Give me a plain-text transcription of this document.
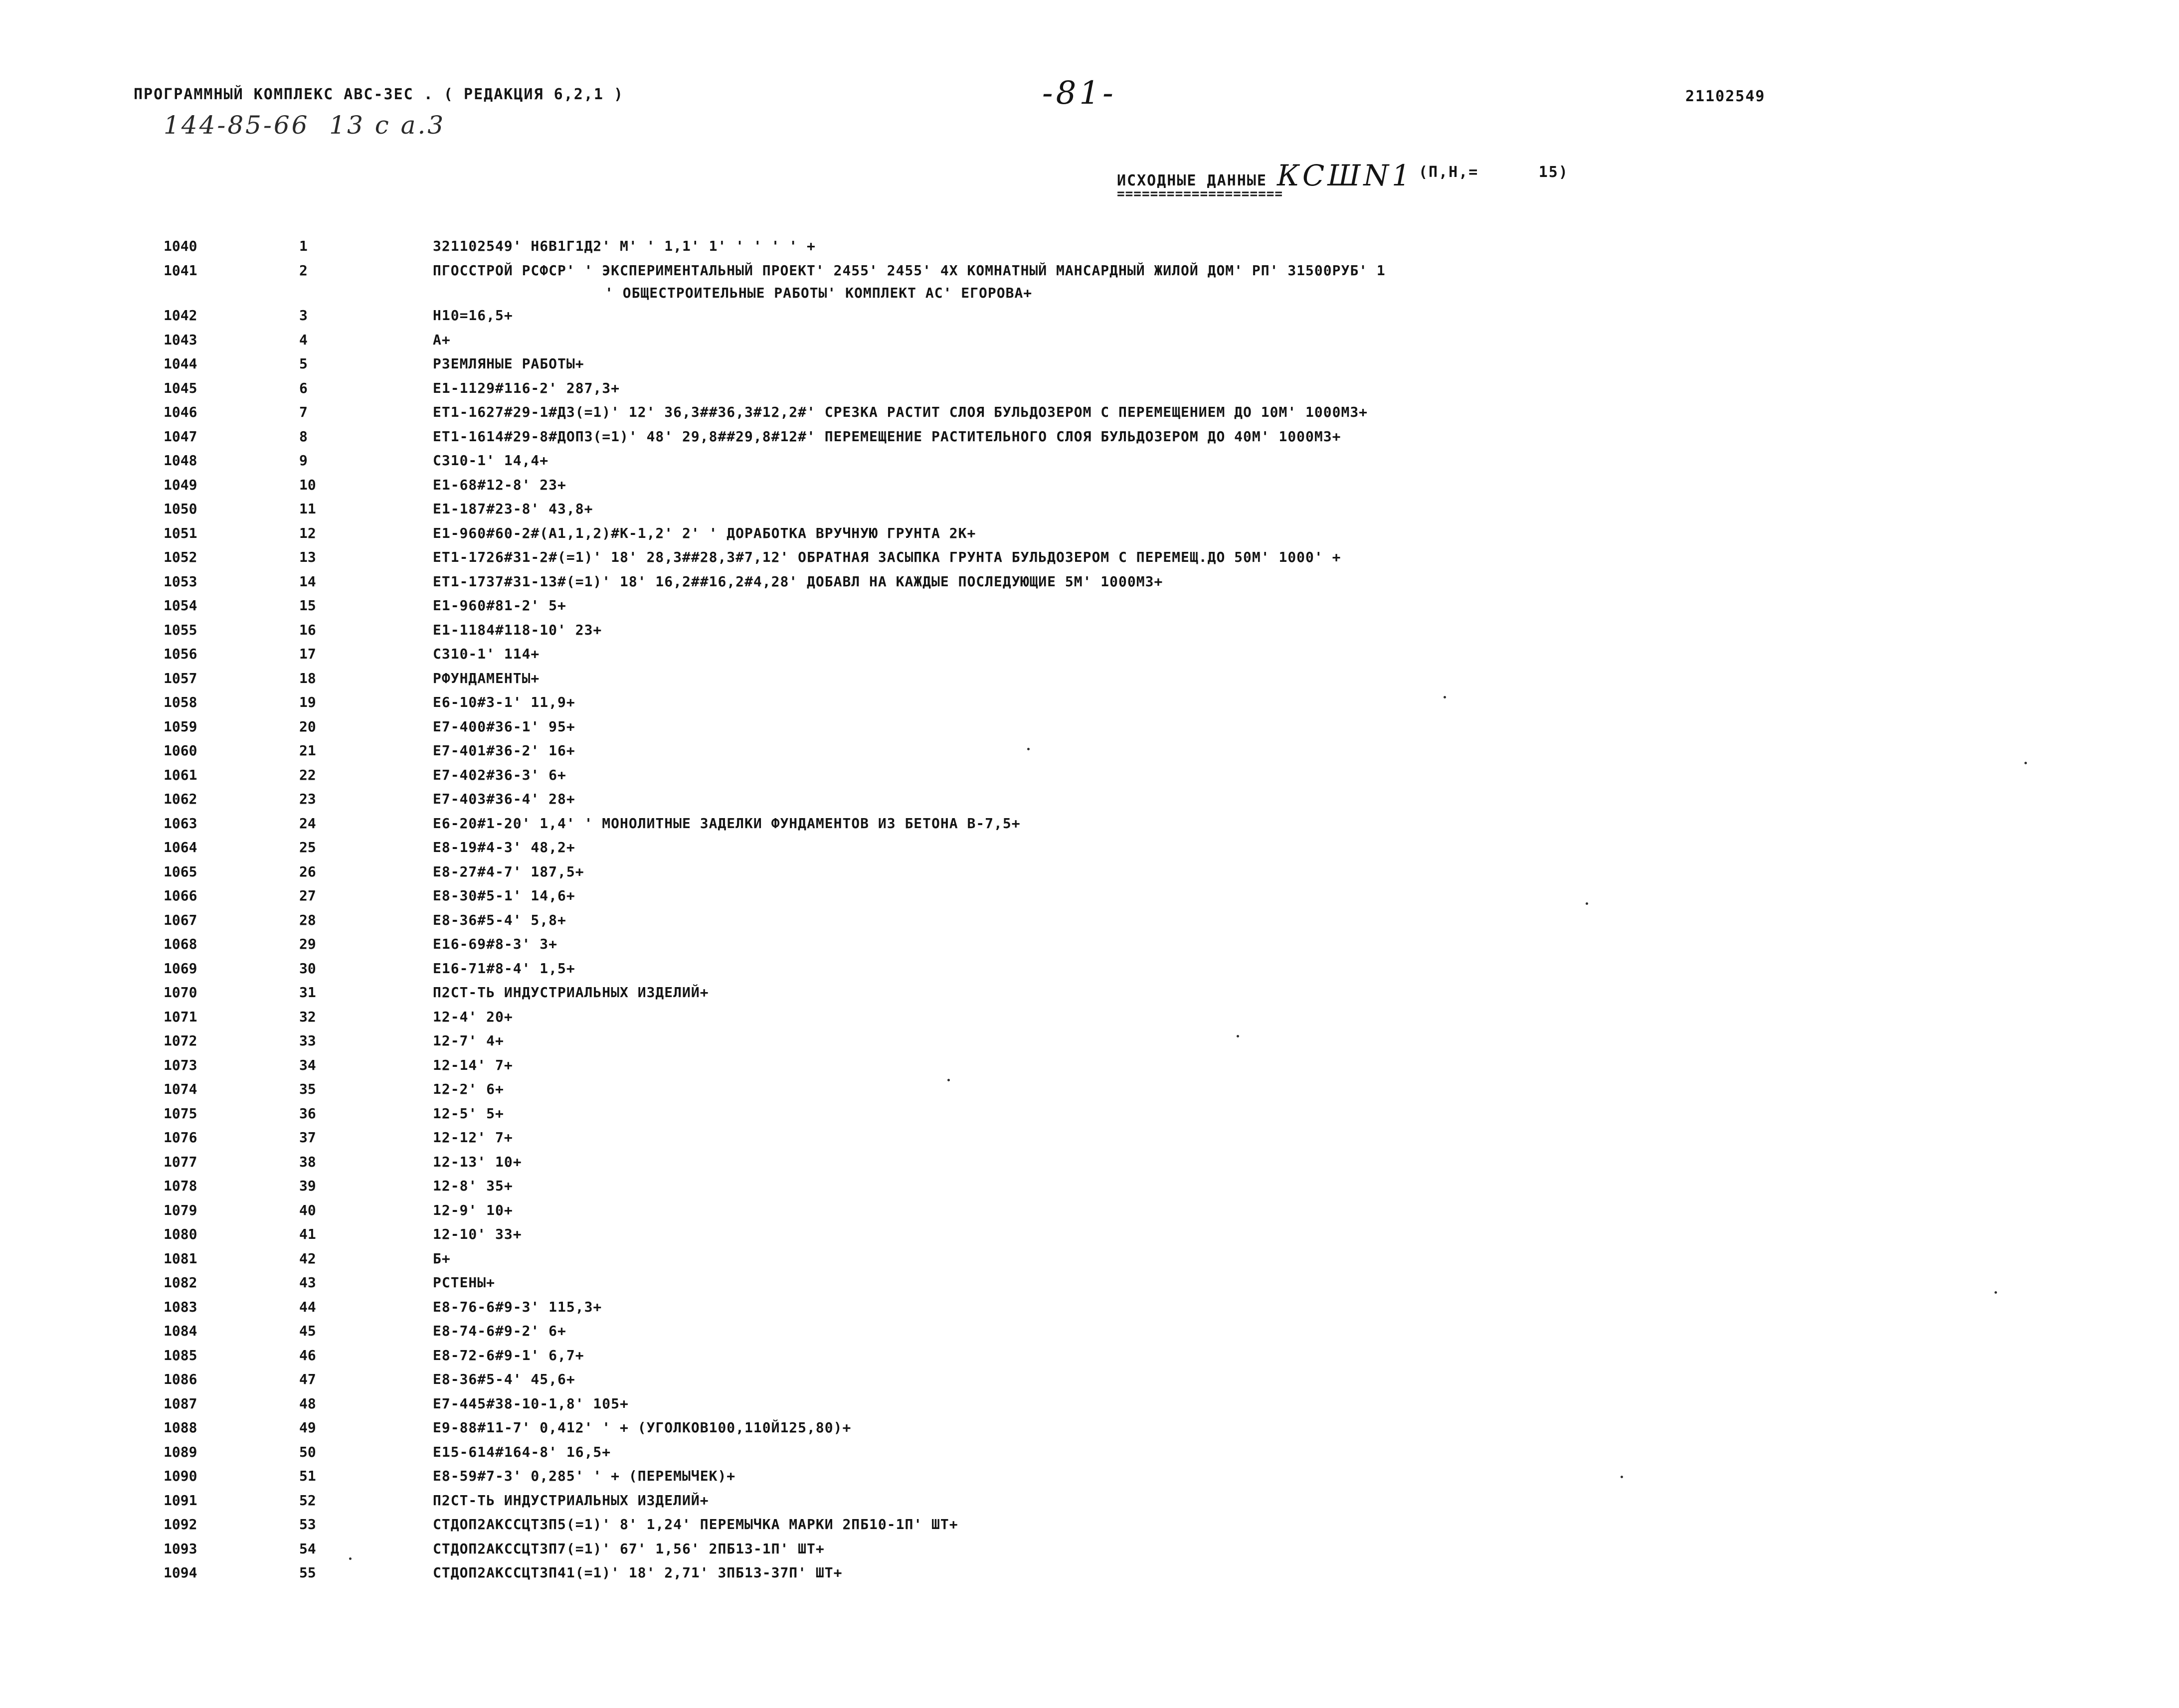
ПРОГРАММНЫЙ КОМПЛЕКС АВС-ЗЕС . ( РЕДАКЦИЯ 6,2,1 )	-81-	21102549
144-85-66  13 с а.3
ИСХОДНЫЕ ДАННЫЕ КСШN1 (П,Н,=      15)
====================
1040	1	321102549' Н6В1Г1Д2' М' ' 1,1' 1' ' ' ' ' +
1041	2	ПГОССТРОЙ РСФСР' ' ЭКСПЕРИМЕНТАЛЬНЫЙ ПРОЕКТ' 2455' 2455' 4Х КОМНАТНЫЙ МАНСАРДНЫЙ ЖИЛОЙ ДОМ' РП' 31500РУБ' 1
' ОБЩЕСТРОИТЕЛЬНЫЕ РАБОТЫ' КОМПЛЕКТ АС' ЕГОРОВА+
1042	3	Н10=16,5+
1043	4	А+
1044	5	РЗЕМЛЯНЫЕ РАБОТЫ+
1045	6	Е1-1129#116-2' 287,3+
1046	7	ЕТ1-1627#29-1#ДЗ(=1)' 12' 36,3##36,3#12,2#' СРЕЗКА РАСТИТ СЛОЯ БУЛЬДОЗЕРОМ С ПЕРЕМЕЩЕНИЕМ ДО 10М' 1000М3+
1047	8	ЕТ1-1614#29-8#ДОПЗ(=1)' 48' 29,8##29,8#12#' ПЕРЕМЕЩЕНИЕ РАСТИТЕЛЬНОГО СЛОЯ БУЛЬДОЗЕРОМ ДО 40М' 1000М3+
1048	9	С310-1' 14,4+
1049	10	Е1-68#12-8' 23+
1050	11	Е1-187#23-8' 43,8+
1051	12	Е1-960#60-2#(А1,1,2)#К-1,2' 2' ' ДОРАБОТКА ВРУЧНУЮ ГРУНТА 2К+
1052	13	ЕТ1-1726#31-2#(=1)' 18' 28,3##28,3#7,12' ОБРАТНАЯ ЗАСЫПКА ГРУНТА БУЛЬДОЗЕРОМ С ПЕРЕМЕЩ.ДО 50М' 1000' +
1053	14	ЕТ1-1737#31-13#(=1)' 18' 16,2##16,2#4,28' ДОБАВЛ НА КАЖДЫЕ ПОСЛЕДУЮЩИЕ 5М' 1000М3+
1054	15	Е1-960#81-2' 5+
1055	16	Е1-1184#118-10' 23+
1056	17	С310-1' 114+
1057	18	РФУНДАМЕНТЫ+
1058	19	Е6-10#3-1' 11,9+
1059	20	Е7-400#36-1' 95+
1060	21	Е7-401#36-2' 16+
1061	22	Е7-402#36-3' 6+
1062	23	Е7-403#36-4' 28+
1063	24	Е6-20#1-20' 1,4' ' МОНОЛИТНЫЕ ЗАДЕЛКИ ФУНДАМЕНТОВ ИЗ БЕТОНА В-7,5+
1064	25	Е8-19#4-3' 48,2+
1065	26	Е8-27#4-7' 187,5+
1066	27	Е8-30#5-1' 14,6+
1067	28	Е8-36#5-4' 5,8+
1068	29	Е16-69#8-3' 3+
1069	30	Е16-71#8-4' 1,5+
1070	31	П2СТ-ТЬ ИНДУСТРИАЛЬНЫХ ИЗДЕЛИЙ+
1071	32	12-4' 20+
1072	33	12-7' 4+
1073	34	12-14' 7+
1074	35	12-2' 6+
1075	36	12-5' 5+
1076	37	12-12' 7+
1077	38	12-13' 10+
1078	39	12-8' 35+
1079	40	12-9' 10+
1080	41	12-10' 33+
1081	42	Б+
1082	43	РСТЕНЫ+
1083	44	Е8-76-6#9-3' 115,3+
1084	45	Е8-74-6#9-2' 6+
1085	46	Е8-72-6#9-1' 6,7+
1086	47	Е8-36#5-4' 45,6+
1087	48	Е7-445#38-10-1,8' 105+
1088	49	Е9-88#11-7' 0,412' ' + (УГОЛКОВ100,110Й125,80)+
1089	50	Е15-614#164-8' 16,5+
1090	51	Е8-59#7-3' 0,285' ' + (ПЕРЕМЫЧЕК)+
1091	52	П2СТ-ТЬ ИНДУСТРИАЛЬНЫХ ИЗДЕЛИЙ+
1092	53	СТДОП2АКССЦТ3П5(=1)' 8' 1,24' ПЕРЕМЫЧКА МАРКИ 2ПБ10-1П' ШТ+
1093	54	СТДОП2АКССЦТ3П7(=1)' 67' 1,56' 2ПБ13-1П' ШТ+
1094	55	СТДОП2АКССЦТ3П41(=1)' 18' 2,71' 3ПБ13-37П' ШТ+
